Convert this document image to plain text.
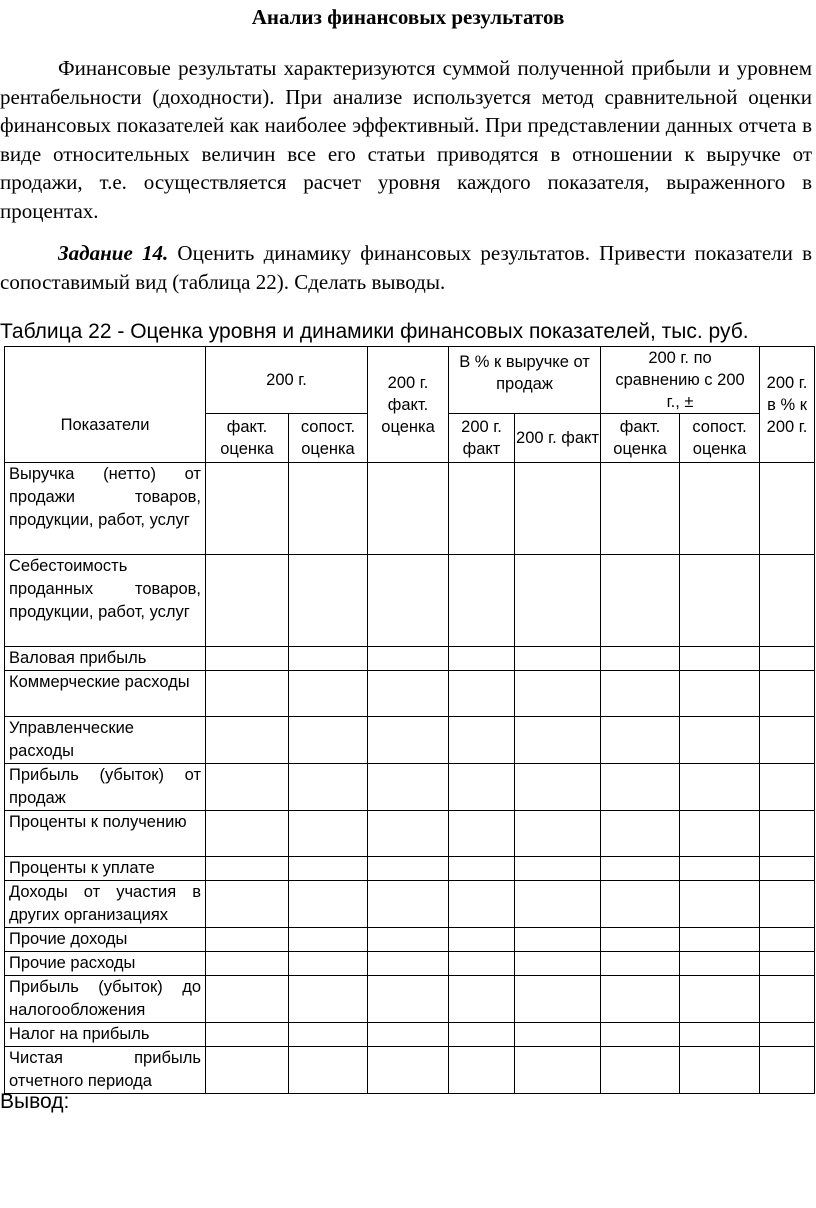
Анализ финансовых результатов
Финансовые результаты характеризуются суммой полученной прибыли и уровнем рентабельности (доходности). При анализе используется метод сравнительной оценки финансовых показателей как наиболее эффективный. При представлении данных отчета в виде относительных величин все его статьи приводятся в отношении к выручке от продажи, т.е. осуществляется расчет уровня каждого показателя, выраженного в процентах.
Задание 14. Оценить динамику финансовых результатов. Привести показатели в сопоставимый вид (таблица 22). Сделать выводы.
Таблица 22 - Оценка уровня и динамики финансовых показателей, тыс. руб.
Показатели	200 г.		200 г. факт. оценка	В % к выручке от продаж		200 г. по сравнению с 200 г., ±		200 г. в % к 200 г.
	факт. оценка	сопост. оценка		200 г. факт	200 г. факт	факт. оценка	сопост. оценка	
Выручка (нетто) от продажи товаров, продукции, работ, услуг								
Себестоимость проданных товаров, продукции, работ, услуг								
Валовая прибыль								
Коммерческие расходы								
Управленческие расходы								
Прибыль (убыток) от продаж								
Проценты к получению								
Проценты к уплате								
Доходы от участия в других организациях								
Прочие доходы								
Прочие расходы								
Прибыль (убыток) до налогообложения								
Налог на прибыль								
Чистая прибыль отчетного периода								
Вывод:
